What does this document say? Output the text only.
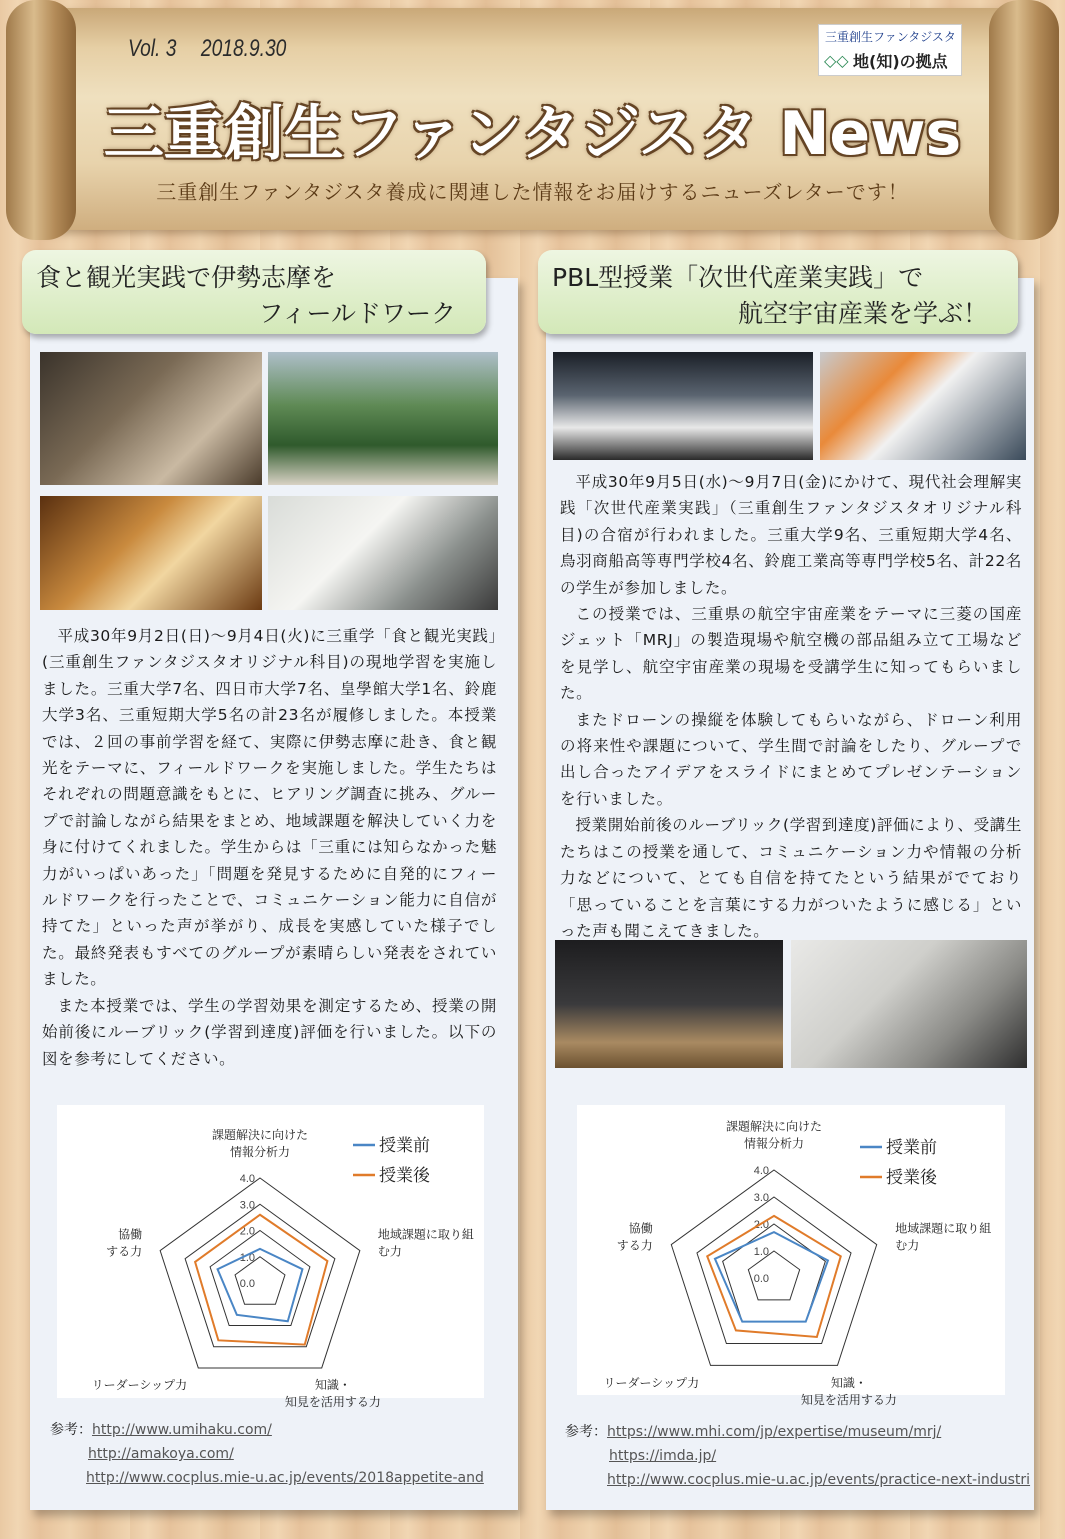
Vol. 3　 2018.9.30	三重創生ファンタジスタ
◇◇ 地(知)の拠点
三重創生ファンタジスタ News
三重創生ファンタジスタ養成に関連した情報をお届けするニューズレターです！
食と観光実践で伊勢志摩を
フィールドワーク
PBL型授業「次世代産業実践」で
航空宇宙産業を学ぶ！

平成30年9月2日(日)～9月4日(火)に三重学「食と観光実践」(三重創生ファンタジスタオリジナル科目)の現地学習を実施しました。三重大学7名、四日市大学7名、皇學館大学1名、鈴鹿大学3名、三重短期大学5名の計23名が履修しました。本授業では、２回の事前学習を経て、実際に伊勢志摩に赴き、食と観光をテーマに、フィールドワークを実施しました。学生たちはそれぞれの問題意識をもとに、ヒアリング調査に挑み、グループで討論しながら結果をまとめ、地域課題を解決していく力を身に付けてくれました。学生からは「三重には知らなかった魅力がいっぱいあった」「問題を発見するために自発的にフィールドワークを行ったことで、コミュニケーション能力に自信が持てた」といった声が挙がり、成長を実感していた様子でした。最終発表もすべてのグループが素晴らしい発表をされていました。

また本授業では、学生の学習効果を測定するため、授業の開始前後にルーブリック(学習到達度)評価を行いました。以下の図を参考にしてください。

平成30年9月5日(水)～9月7日(金)にかけて、現代社会理解実践「次世代産業実践」（三重創生ファンタジスタオリジナル科目)の合宿が行われました。三重大学9名、三重短期大学4名、鳥羽商船高等専門学校4名、鈴鹿工業高等専門学校5名、計22名の学生が参加しました。

この授業では、三重県の航空宇宙産業をテーマに三菱の国産ジェット「MRJ」の製造現場や航空機の部品組み立て工場などを見学し、航空宇宙産業の現場を受講学生に知ってもらいました。

またドローンの操縦を体験してもらいながら、ドローン利用の将来性や課題について、学生間で討論をしたり、グループで出し合ったアイデアをスライドにまとめてプレゼンテーションを行いました。

授業開始前後のルーブリック(学習到達度)評価により、受講生たちはこの授業を通して、コミュニケーション力や情報の分析力などについて、とても自信を持てたという結果がでており「思っていることを言葉にする力がついたように感じる」といった声も聞こえてきました。

0.0
1.0
2.0
3.0
4.0
課題解決に向けた情報分析力
地域課題に取り組む力
知識・知見を活用する力
リーダーシップ力
協働する力
授業前
授業後
0.0
1.0
2.0
3.0
4.0
課題解決に向けた情報分析力
地域課題に取り組む力
知識・知見を活用する力
リーダーシップ力
協働する力
授業前
授業後
参考：http://www.umihaku.com/
http://amakoya.com/
http://www.cocplus.mie-u.ac.jp/events/2018appetite-and
参考：https://www.mhi.com/jp/expertise/museum/mrj/
https://imda.jp/
http://www.cocplus.mie-u.ac.jp/events/practice-next-industri
